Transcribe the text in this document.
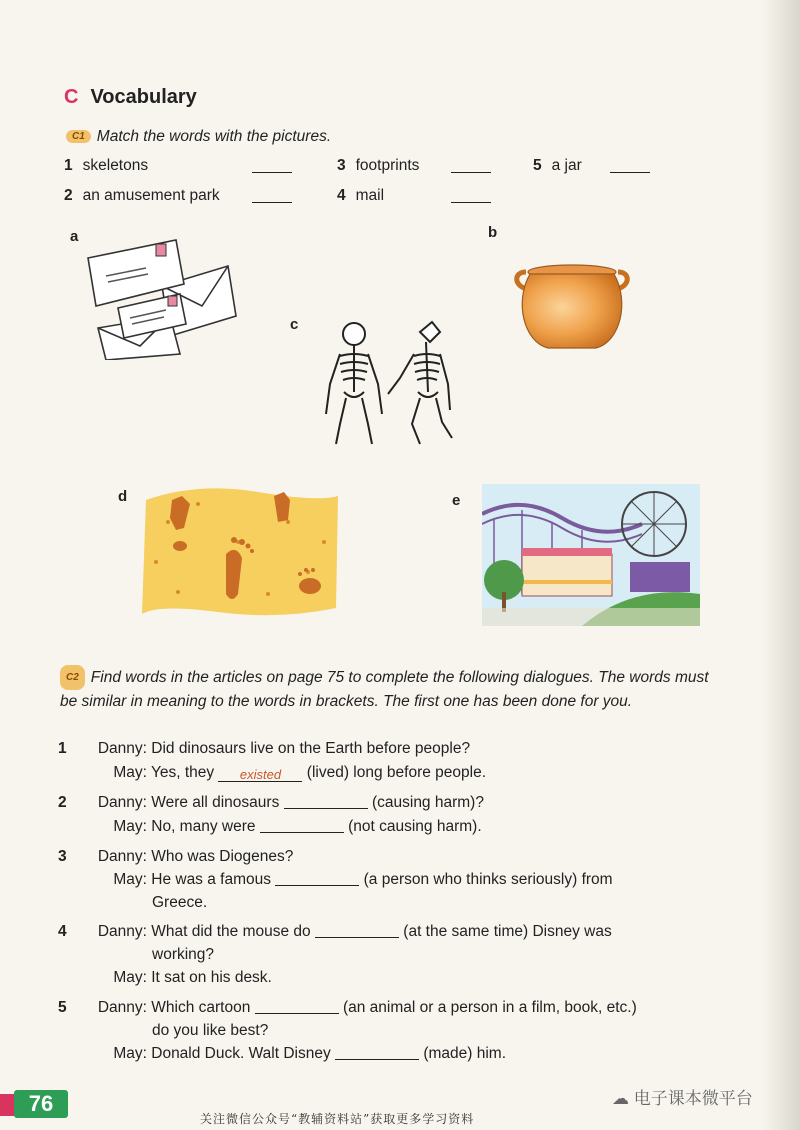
C Vocabulary
C1 Match the words with the pictures.
1 skeletons
2 an amusement park
3 footprints
4 mail
5 a jar
a	b
c
d	e
C2 Find words in the articles on page 75 to complete the following dialogues. The words must be similar in meaning to the words in brackets. The first one has been done for you.
1 Danny: Did dinosaurs live on the Earth before people?
May: Yes, they existed (lived) long before people.
2 Danny: Were all dinosaurs	(causing harm)?
May: No, many were	(not causing harm).
3 Danny: Who was Diogenes?
May: He was a famous	(a person who thinks seriously) from
Greece.
4 Danny: What did the mouse do	(at the same time) Disney was
working?
May: It sat on his desk.
5 Danny: Which cartoon	(an animal or a person in a film, book, etc.)
do you like best?
May: Donald Duck. Walt Disney	(made) him.
76	☁ 电子课本微平台
关注微信公众号“教辅资料站”获取更多学习资料
